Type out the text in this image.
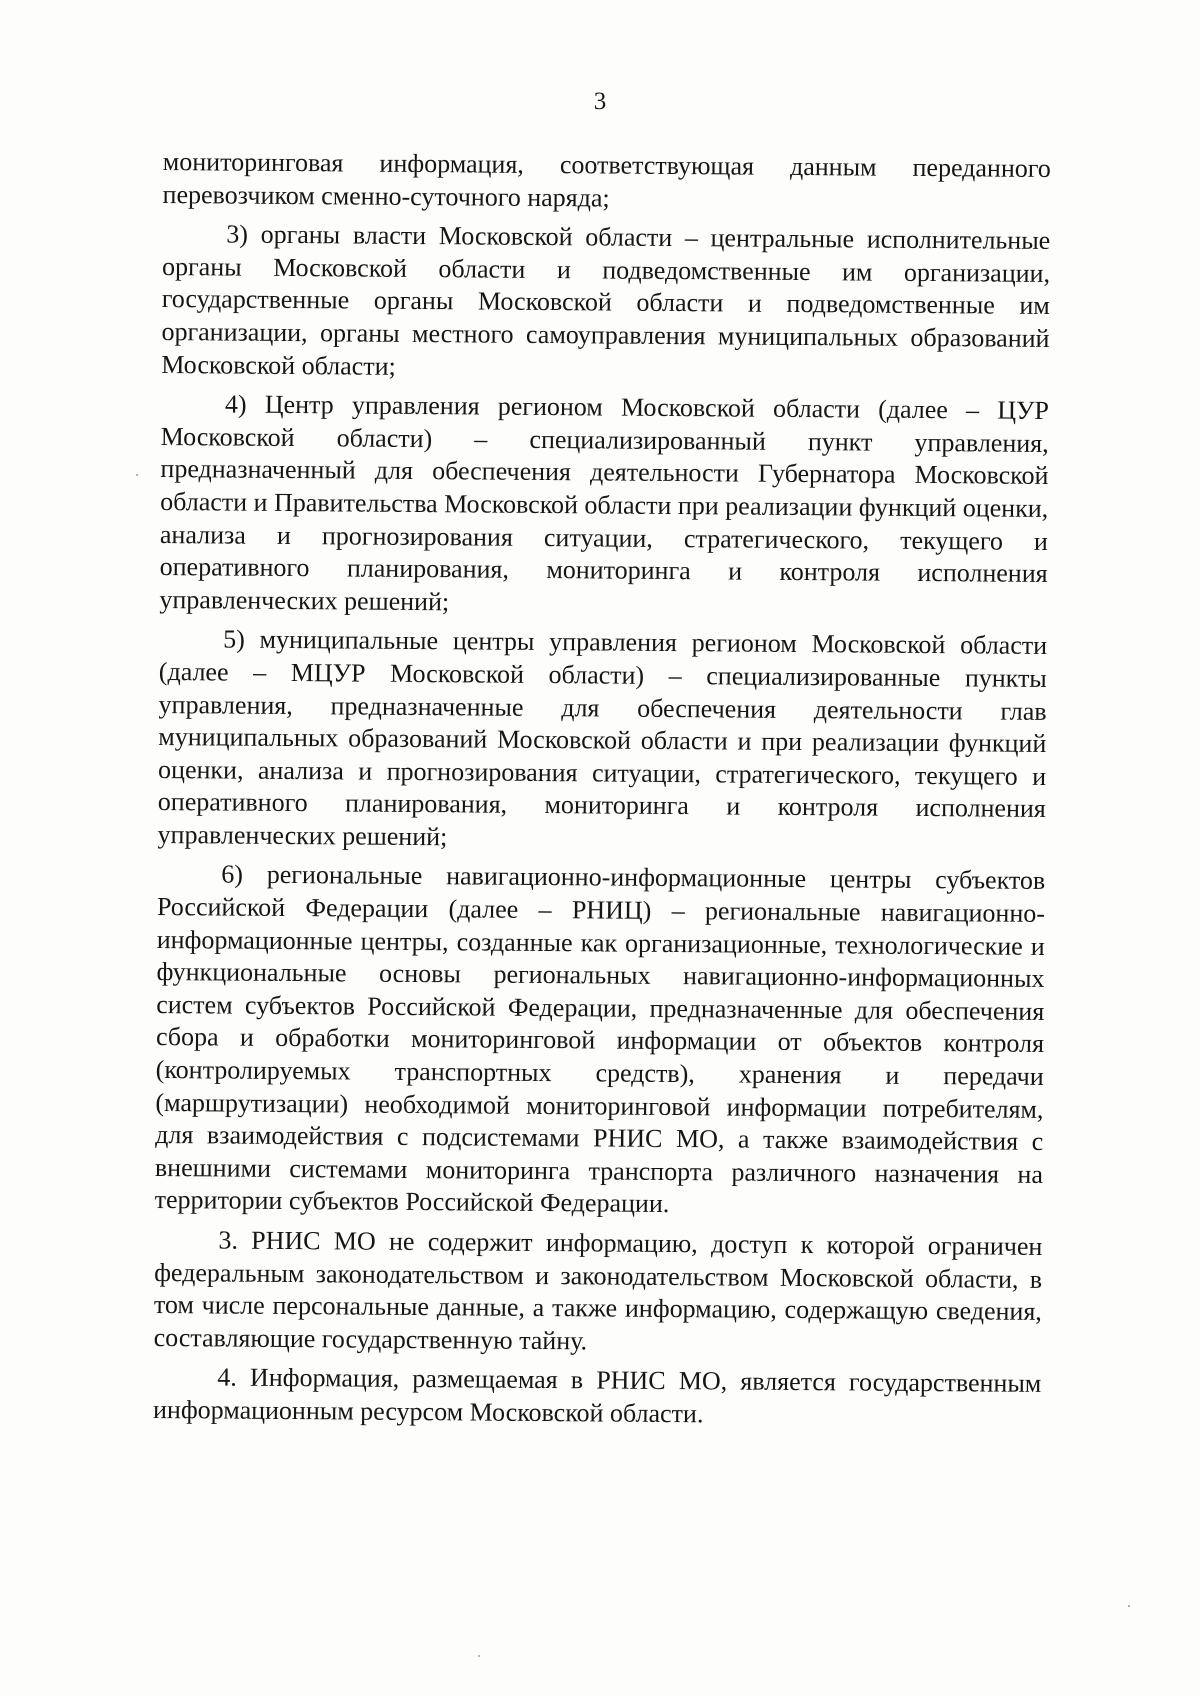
3

мониторинговая информация, соответствующая данным переданного перевозчиком сменно-суточного наряда;

3) органы власти Московской области – центральные исполнительные органы Московской области и подведомственные им организации, государственные органы Московской области и подведомственные им организации, органы местного самоуправления муниципальных образований Московской области;

4) Центр управления регионом Московской области (далее – ЦУР Московской области) – специализированный пункт управления, предназначенный для обеспечения деятельности Губернатора Московской области и Правительства Московской области при реализации функций оценки, анализа и прогнозирования ситуации, стратегического, текущего и оперативного планирования, мониторинга и контроля исполнения управленческих решений;

5) муниципальные центры управления регионом Московской области (далее – МЦУР Московской области) – специализированные пункты управления, предназначенные для обеспечения деятельности глав муниципальных образований Московской области и при реализации функций оценки, анализа и прогнозирования ситуации, стратегического, текущего и оперативного планирования, мониторинга и контроля исполнения управленческих решений;

6) региональные навигационно-информационные центры субъектов Российской Федерации (далее – РНИЦ) – региональные навигационно-информационные центры, созданные как организационные, технологические и функциональные основы региональных навигационно-информационных систем субъектов Российской Федерации, предназначенные для обеспечения сбора и обработки мониторинговой информации от объектов контроля (контролируемых транспортных средств), хранения и передачи (маршрутизации) необходимой мониторинговой информации потребителям, для взаимодействия с подсистемами РНИС МО, а также взаимодействия с внешними системами мониторинга транспорта различного назначения на территории субъектов Российской Федерации.

3. РНИС МО не содержит информацию, доступ к которой ограничен федеральным законодательством и законодательством Московской области, в том числе персональные данные, а также информацию, содержащую сведения, составляющие государственную тайну.

4. Информация, размещаемая в РНИС МО, является государственным информационным ресурсом Московской области.
